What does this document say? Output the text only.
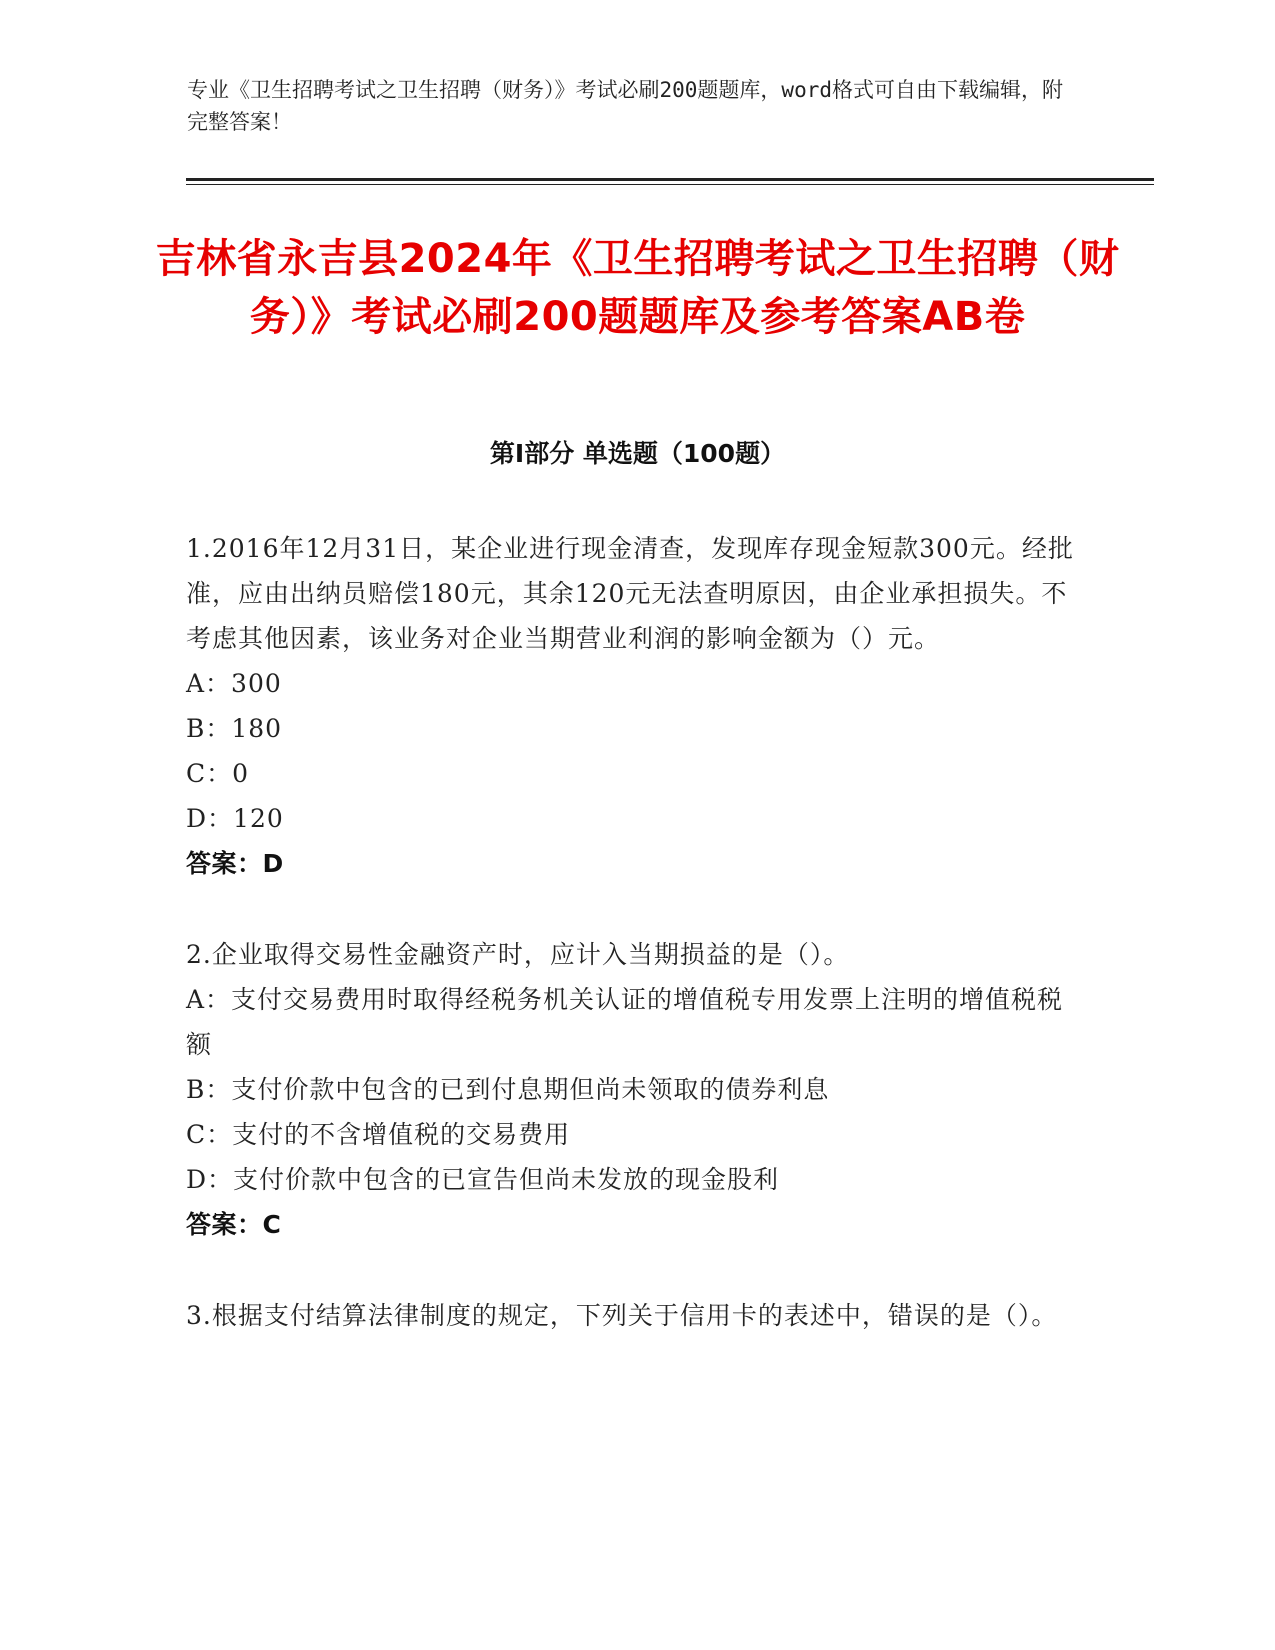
专业《卫生招聘考试之卫生招聘（财务）》考试必刷200题题库，word格式可自由下载编辑，附完整答案！
吉林省永吉县2024年《卫生招聘考试之卫生招聘（财务）》考试必刷200题题库及参考答案AB卷
第I部分 单选题（100题）

1.2016年12月31日，某企业进行现金清查，发现库存现金短款300元。经批准，应由出纳员赔偿180元，其余120元无法查明原因，由企业承担损失。不考虑其他因素，该业务对企业当期营业利润的影响金额为（）元。

A：300

B：180

C：0

D：120

答案：D

2.企业取得交易性金融资产时，应计入当期损益的是（）。

A：支付交易费用时取得经税务机关认证的增值税专用发票上注明的增值税税额

B：支付价款中包含的已到付息期但尚未领取的债券利息

C：支付的不含增值税的交易费用

D：支付价款中包含的已宣告但尚未发放的现金股利

答案：C

3.根据支付结算法律制度的规定，下列关于信用卡的表述中，错误的是（）。
